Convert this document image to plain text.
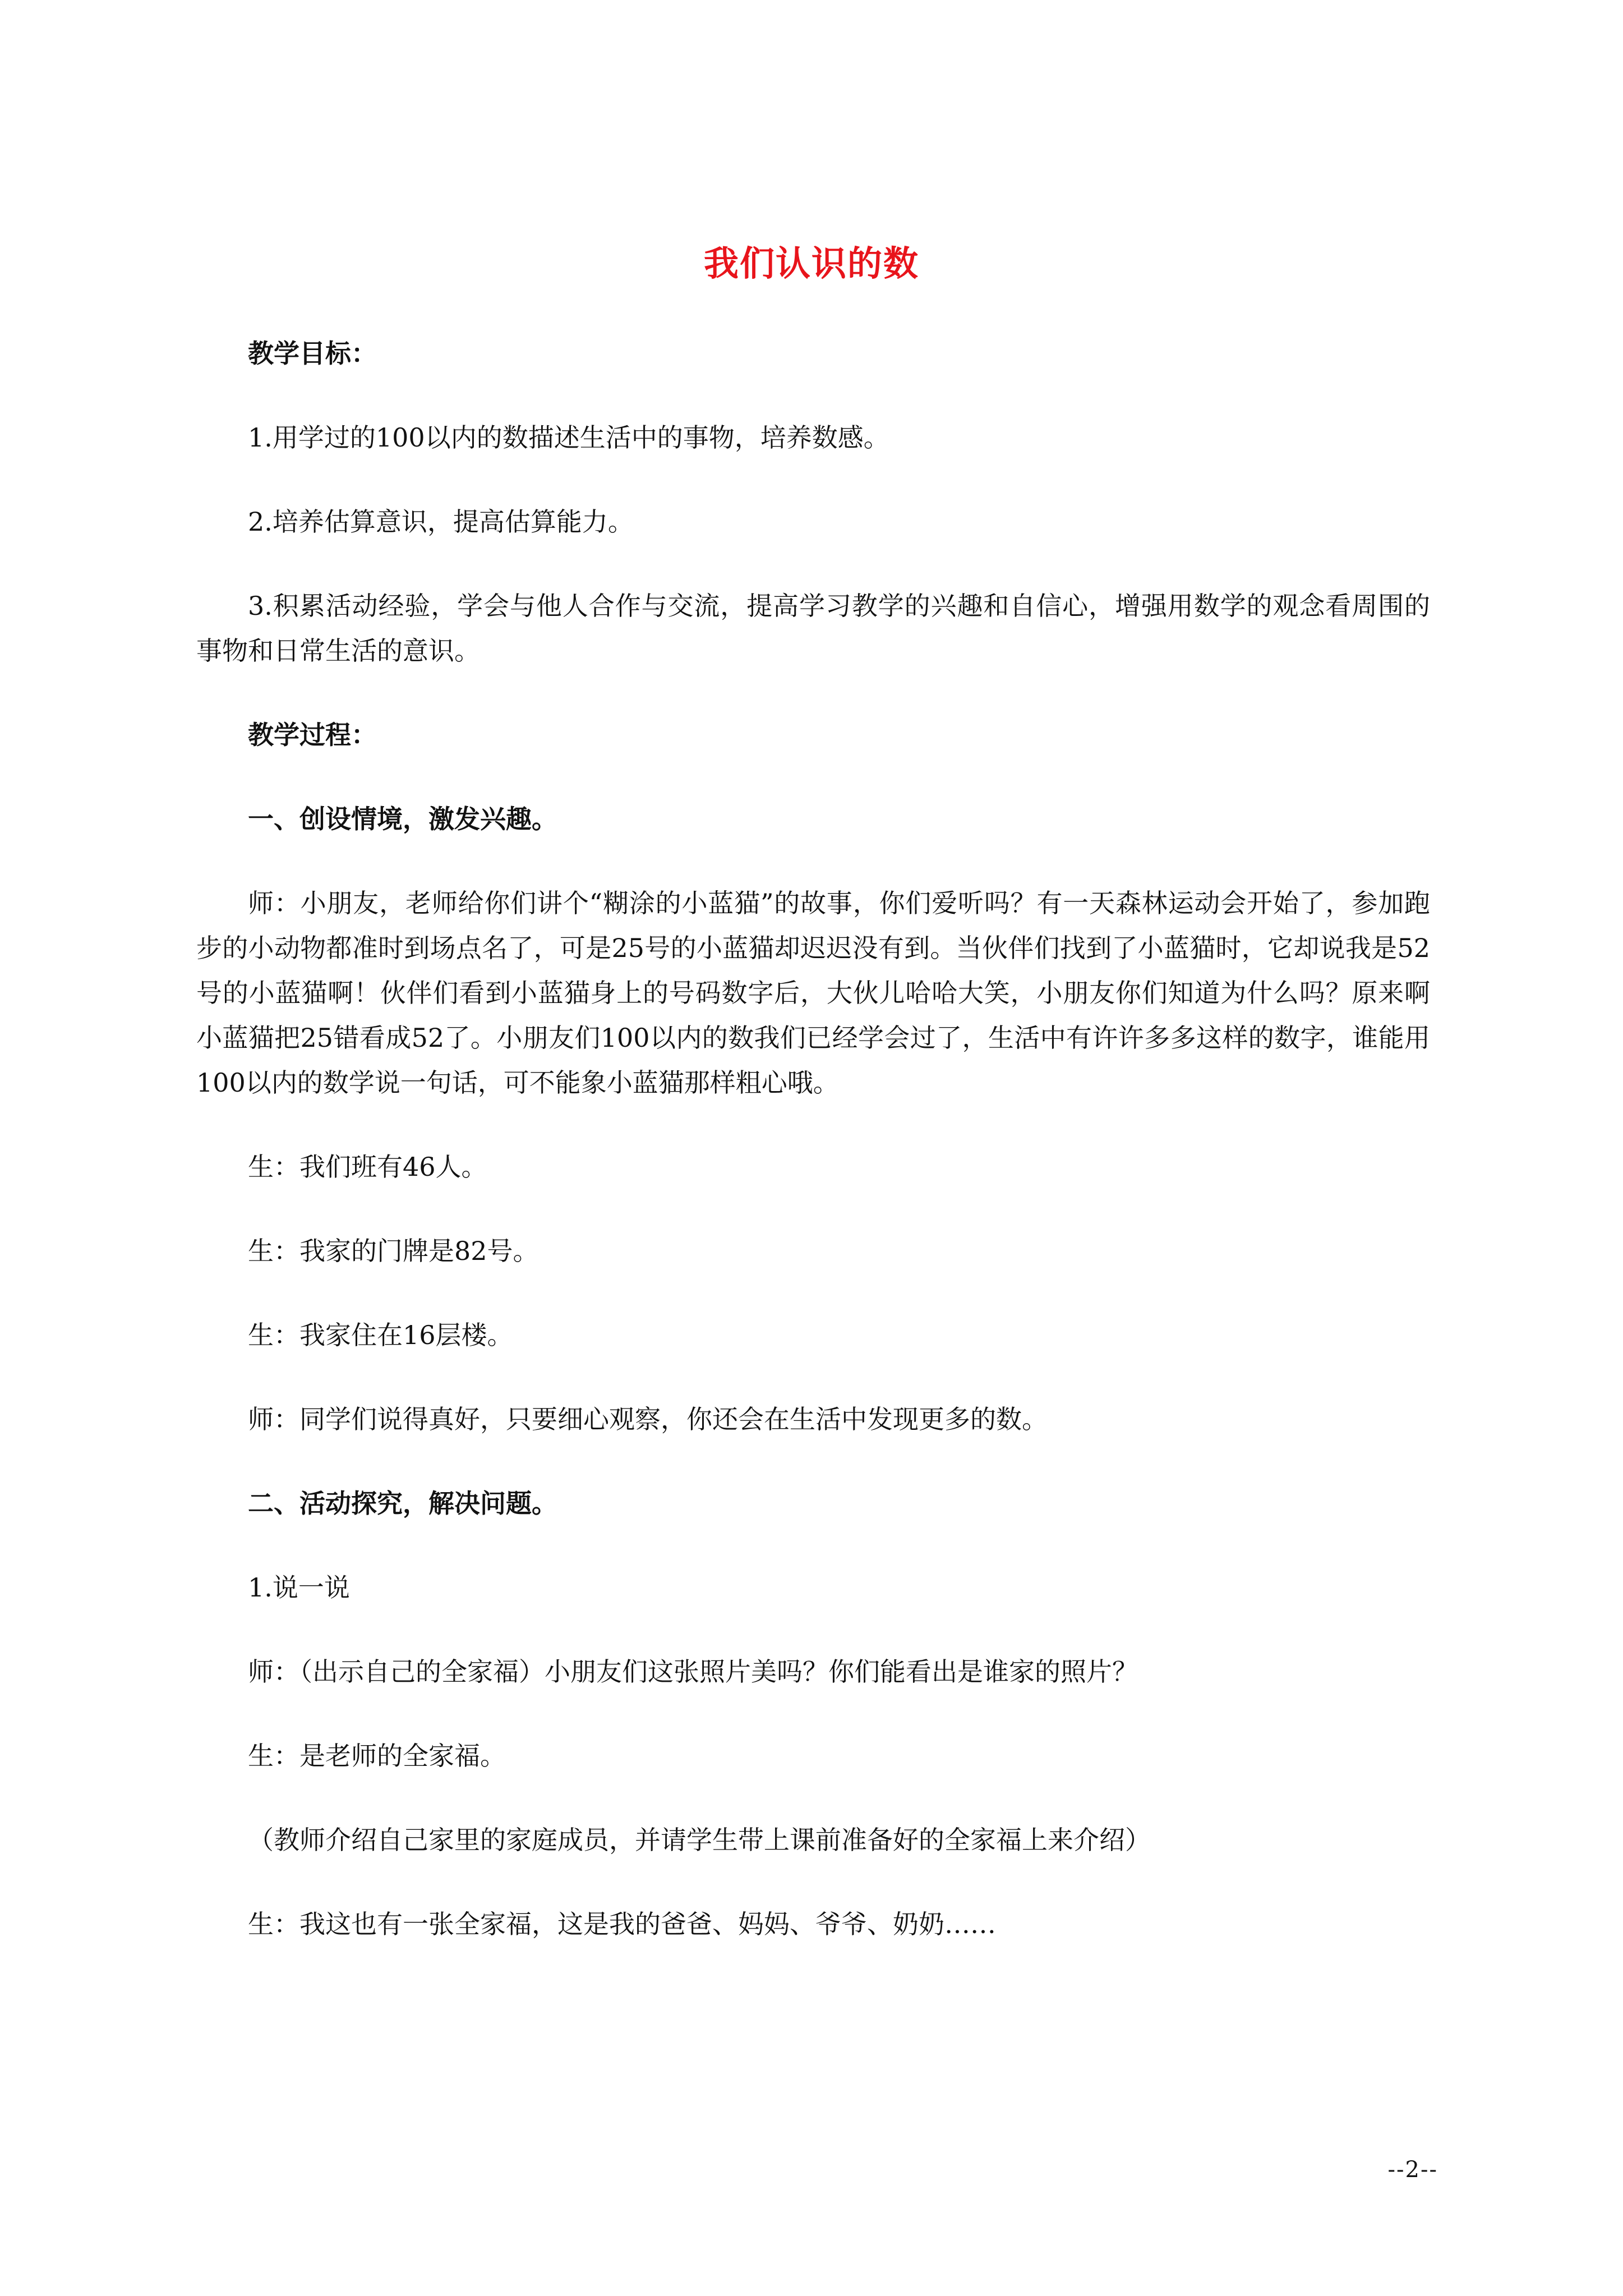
我们认识的数

教学目标：

1.用学过的100以内的数描述生活中的事物，培养数感。

2.培养估算意识，提高估算能力。

3.积累活动经验，学会与他人合作与交流，提高学习教学的兴趣和自信心，增强用数学的观念看周围的事物和日常生活的意识。

教学过程：

一、创设情境，激发兴趣。

师：小朋友，老师给你们讲个“糊涂的小蓝猫”的故事，你们爱听吗？有一天森林运动会开始了，参加跑步的小动物都准时到场点名了，可是25号的小蓝猫却迟迟没有到。当伙伴们找到了小蓝猫时，它却说我是52号的小蓝猫啊！伙伴们看到小蓝猫身上的号码数字后，大伙儿哈哈大笑，小朋友你们知道为什么吗？原来啊小蓝猫把25错看成52了。小朋友们100以内的数我们已经学会过了，生活中有许许多多这样的数字，谁能用100以内的数学说一句话，可不能象小蓝猫那样粗心哦。

生：我们班有46人。

生：我家的门牌是82号。

生：我家住在16层楼。

师：同学们说得真好，只要细心观察，你还会在生活中发现更多的数。

二、活动探究，解决问题。

1.说一说

师：（出示自己的全家福）小朋友们这张照片美吗？你们能看出是谁家的照片？

生：是老师的全家福。

（教师介绍自己家里的家庭成员，并请学生带上课前准备好的全家福上来介绍）

生：我这也有一张全家福，这是我的爸爸、妈妈、爷爷、奶奶……

--2--
